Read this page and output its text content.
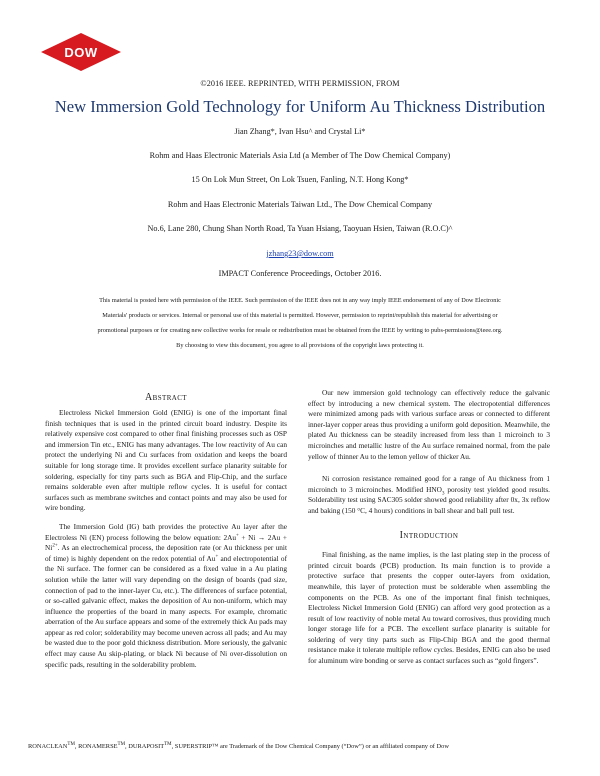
DOW
©2016 IEEE. REPRINTED, WITH PERMISSION, FROM
New Immersion Gold Technology for Uniform Au Thickness Distribution
Jian Zhang*, Ivan Hsu^ and Crystal Li*
Rohm and Haas Electronic Materials Asia Ltd (a Member of The Dow Chemical Company)
15 On Lok Mun Street, On Lok Tsuen, Fanling, N.T. Hong Kong*
Rohm and Haas Electronic Materials Taiwan Ltd., The Dow Chemical Company
No.6, Lane 280, Chung Shan North Road, Ta Yuan Hsiang, Taoyuan Hsien, Taiwan (R.O.C)^
jzhang23@dow.com
IMPACT Conference Proceedings, October 2016.
This material is posted here with permission of the IEEE. Such permission of the IEEE does not in any way imply IEEE endorsement of any of Dow Electronic
Materials' products or services. Internal or personal use of this material is permitted. However, permission to reprint/republish this material for advertising or
promotional purposes or for creating new collective works for resale or redistribution must be obtained from the IEEE by writing to pubs-permissions@ieee.org.
By choosing to view this document, you agree to all provisions of the copyright laws protecting it.
Abstract

Electroless Nickel Immersion Gold (ENIG) is one of the important final finish techniques that is used in the printed circuit board industry. Despite its relatively expensive cost compared to other final finishing processes such as OSP and immersion Tin etc., ENIG has many advantages. The low reactivity of Au can protect the underlying Ni and Cu surfaces from oxidation and keeps the board suitable for long storage time. It provides excellent surface planarity suitable for soldering, especially for tiny parts such as BGA and Flip-Chip, and the surface remains solderable even after multiple reflow cycles. It is useful for contact surfaces such as membrane switches and contact points and may also be used for wire bonding.

The Immersion Gold (IG) bath provides the protective Au layer after the Electroless Ni (EN) process following the below equation: $2Au^+ + Ni \to 2Au + Ni^{2+}$. As an electrochemical process, the deposition rate (or Au thickness per unit of time) is highly dependent on the redox potential of Au+ and electropotential of the Ni surface. The former can be considered as a fixed value in a Au plating solution while the latter will vary depending on the design of boards (pad size, connection of pad to the inner-layer Cu, etc.). The differences of surface potential, or so-called galvanic effect, makes the deposition of Au non-uniform, which may influence the properties of the board in many aspects. For example, chromatic aberration of the Au surface appears and some of the extremely thick Au pads may appear as red color; solderability may become uneven across all pads; and Au may be wasted due to the poor gold thickness distribution. More seriously, the galvanic effect may cause Au skip-plating, or black Ni because of Ni over-dissolution on specific pads, resulting in the solderability problem.

Our new immersion gold technology can effectively reduce the galvanic effect by introducing a new chemical system. The electropotential differences were minimized among pads with various surface areas or connected to different inner-layer copper areas thus providing a uniform gold deposition. Meanwhile, the plated Au thickness can be steadily increased from less than 1 microinch to 3 microinches and metallic lustre of the Au surface remained normal, from the pale yellow of thinner Au to the lemon yellow of thicker Au.

Ni corrosion resistance remained good for a range of Au thickness from 1 microinch to 3 microinches. Modified $HNO_3$ porosity test yielded good results. Solderability test using SAC305 solder showed good reliability after 0x, 3x reflow and baking (150 °C, 4 hours) conditions in ball shear and ball pull test.

Introduction

Final finishing, as the name implies, is the last plating step in the process of printed circuit boards (PCB) production. Its main function is to provide a protective surface that presents the copper outer-layers from oxidation, meanwhile, this layer of protection must be solderable when assembling the components on the PCB. As one of the important final finish techniques, Electroless Nickel Immersion Gold (ENIG) can afford very good protection as a result of low reactivity of noble metal Au toward corrosives, thus providing much longer storage life for a PCB. The excellent surface planarity is suitable for soldering of very tiny parts such as Flip-Chip BGA and the good thermal resistance make it tolerate multiple reflow cycles. Besides, ENIG can also be used for aluminum wire bonding or serve as contact surfaces such as “gold fingers”.

RONACLEAN™, RONAMERSE™, DURAPOSIT™, SUPERSTRIP™ are Trademark of the Dow Chemical Company (“Dow”) or an affiliated company of Dow
